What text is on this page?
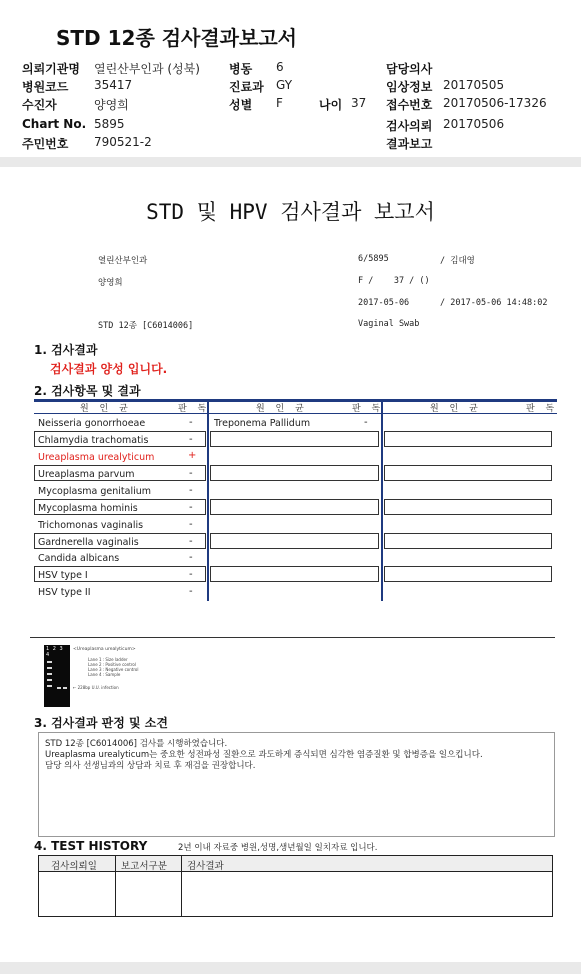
STD 12종 검사결과보고서
의뢰기관명 열린산부인과 (성북) 병동 6	담당의사
병원코드 35417	진료과 GY	임상정보 20170505
수진자	양영희	성별 F	나이 37 접수번호 20170506-17326
Chart No. 5895	검사의뢰 20170506
주민번호 790521-2	결과보고
STD 및 HPV 검사결과 보고서
열린산부인과	6/5895	/ 김대영
양영희	F /    37 / ()
2017-05-06	/ 2017-05-06 14:48:02
STD 12종 [C6014006]	Vaginal Swab
1. 검사결과
검사결과 양성 입니다.
2. 검사항목 및 결과
원 인 균	판 독	원 인 균	판 독	원 인 균	판 독
Neisseria gonorrhoeae	-
Chlamydia trachomatis	-
Ureaplasma urealyticum	+
Ureaplasma parvum	-
Mycoplasma genitalium	-
Mycoplasma hominis	-
Trichomonas vaginalis	-
Gardnerella vaginalis	-
Candida albicans	-
HSV type I	-
HSV type II	-
Treponema Pallidum	-
1 2 3 4
<Ureaplasma urealyticum>
Lane 1 : Size ladder
Lane 2 : Positive control
Lane 3 : Negative control
Lane 4 : Sample
← 228bp U.U. infection
3. 검사결과 판정 및 소견
STD 12종 [C6014006] 검사를 시행하였습니다.
Ureaplasma urealyticum는 중요한 성전파성 질환으로 과도하게 증식되면 심각한 염증질환 및 합병증을 일으킵니다.
담당 의사 선생님과의 상담과 치료 후 재검을 권장합니다.
4. TEST HISTORY	2년 이내 자료중 병원,성명,생년월일 일치자료 입니다.
검사의뢰일	보고서구분 검사결과
